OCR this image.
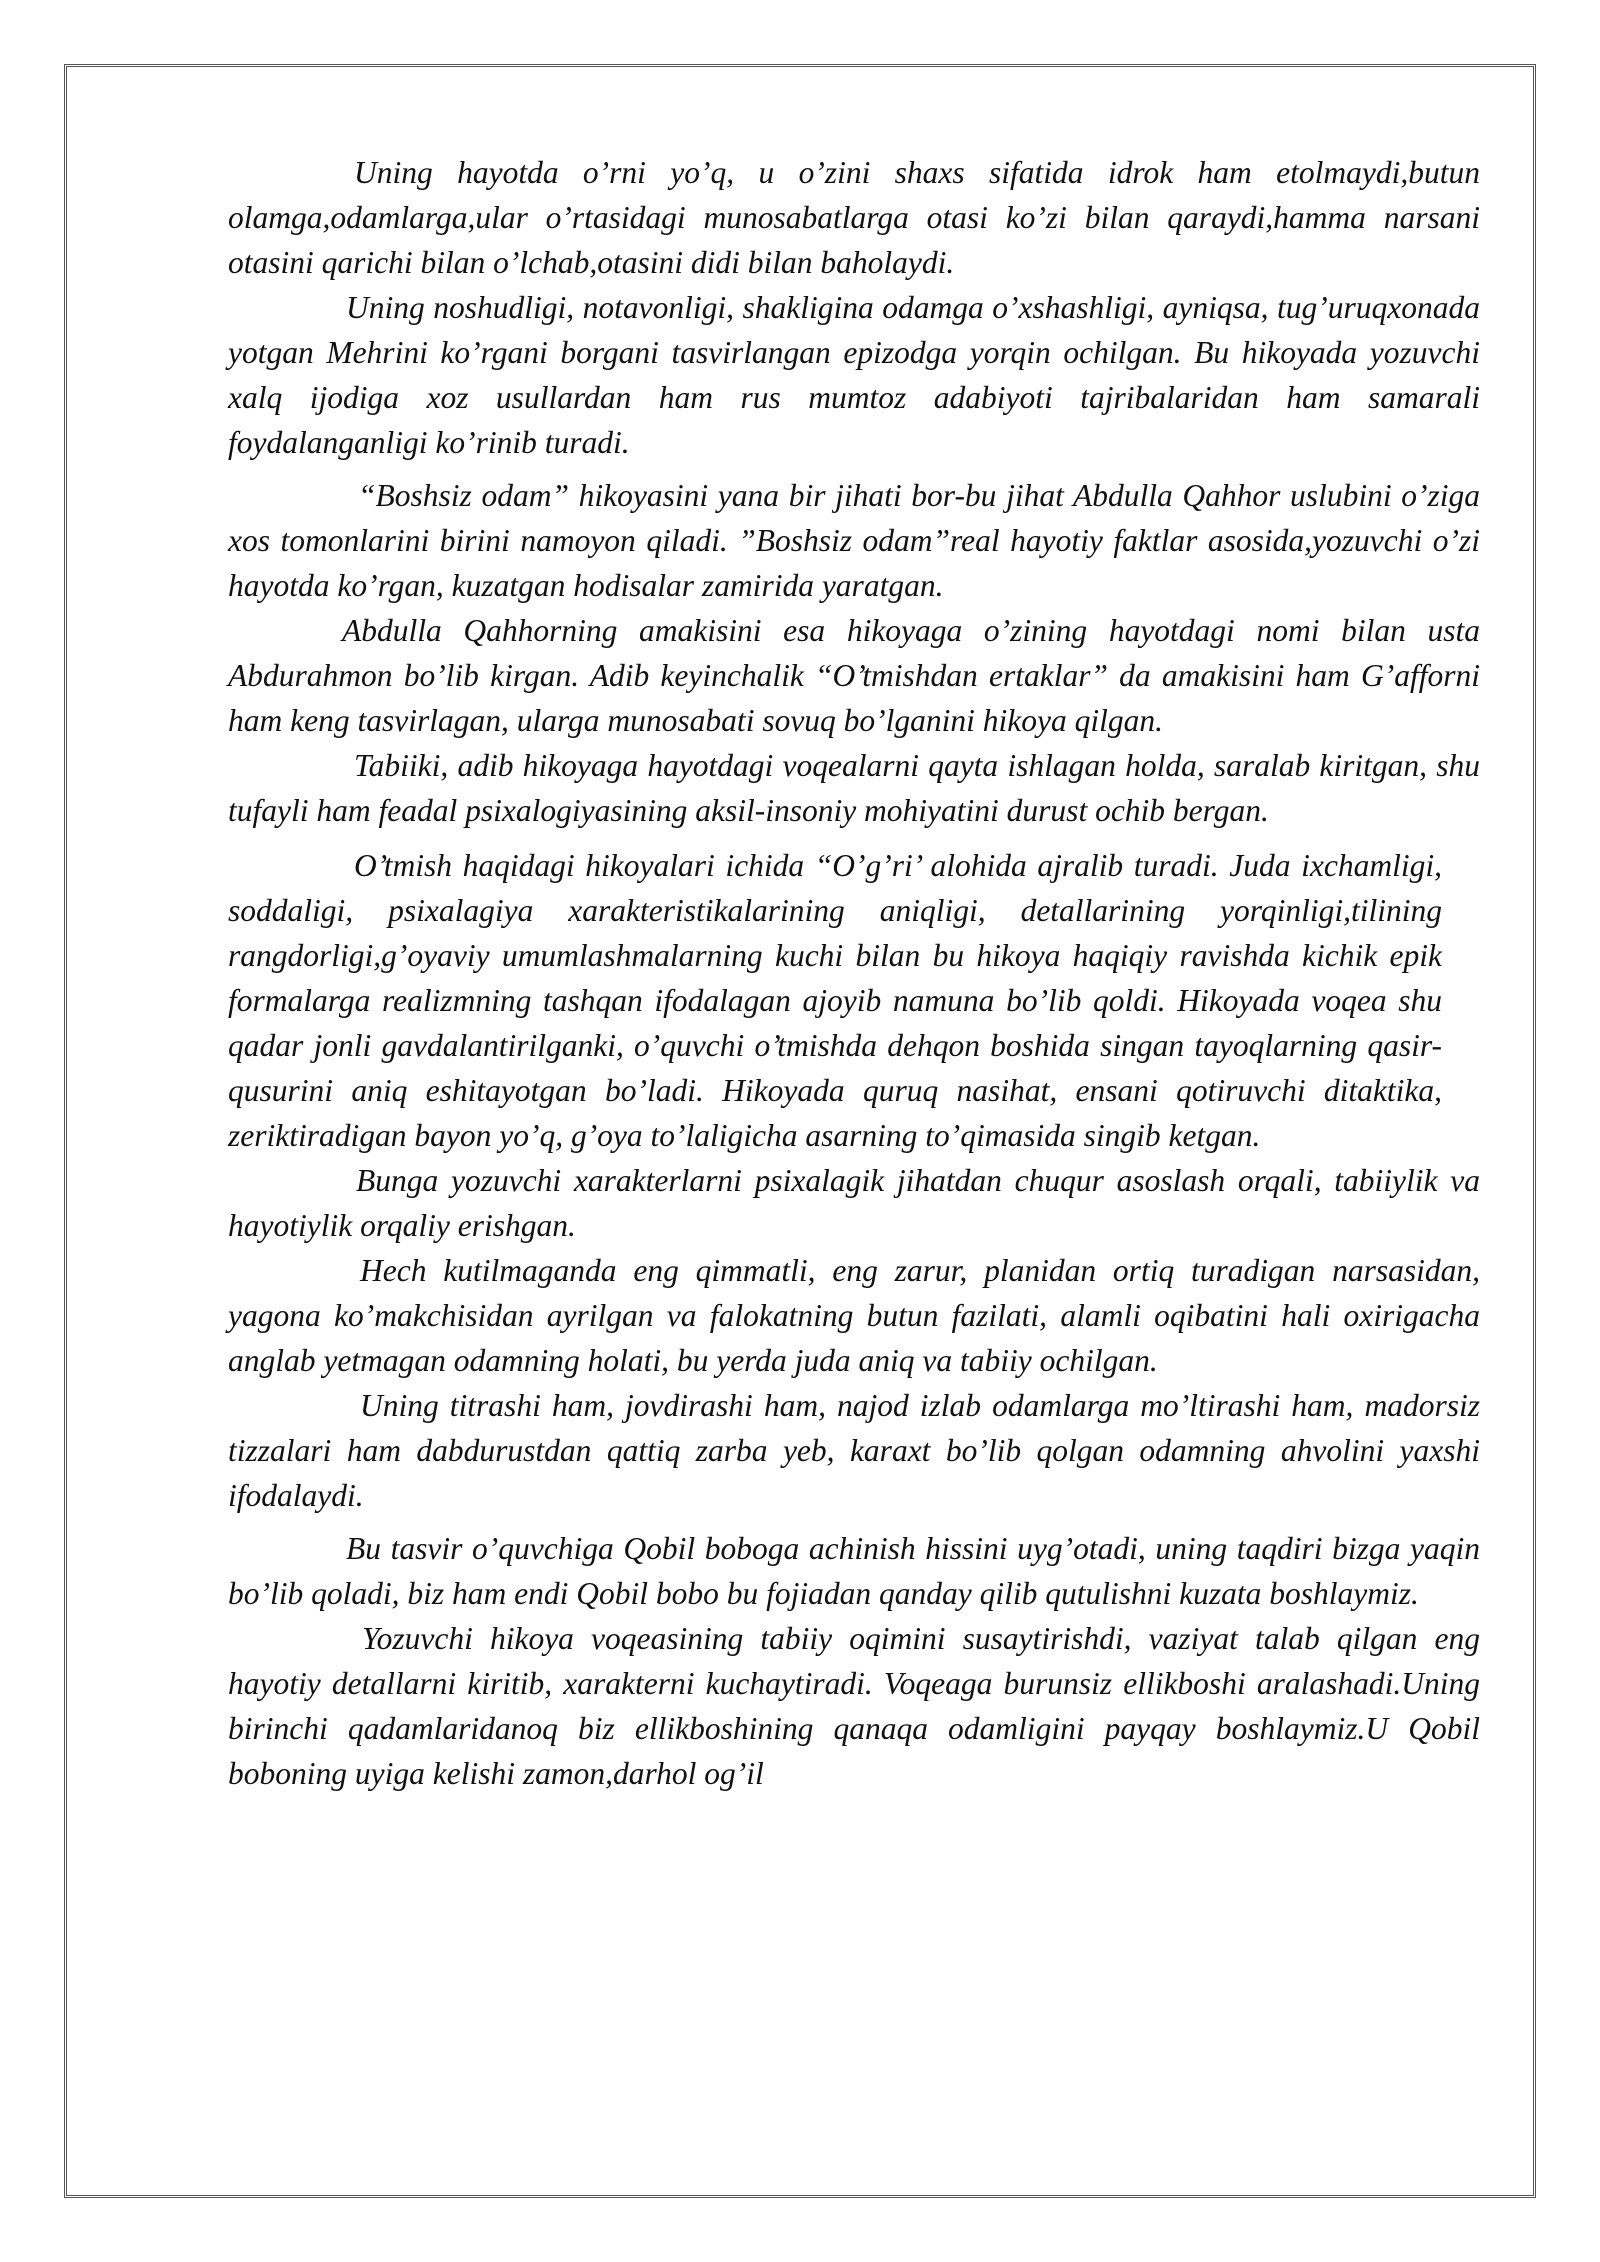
Uning hayotda o’rni yo’q, u o’zini shaxs sifatida idrok ham etolmaydi,butun olamga,odamlarga,ular o’rtasidagi munosabatlarga otasi ko’zi bilan qaraydi,hamma narsani otasini qarichi bilan o’lchab,otasini didi bilan baholaydi.

Uning noshudligi, notavonligi, shakligina odamga o’xshashligi, ayniqsa, tug’uruqxonada yotgan Mehrini ko’rgani borgani tasvirlangan epizodga yorqin ochilgan. Bu hikoyada yozuvchi xalq ijodiga xoz usullardan ham rus mumtoz adabiyoti tajribalaridan ham samarali foydalanganligi ko’rinib turadi.

“Boshsiz odam” hikoyasini yana bir jihati bor-bu jihat Abdulla Qahhor uslubini o’ziga xos tomonlarini birini namoyon qiladi. ”Boshsiz odam”real hayotiy faktlar asosida,yozuvchi o’zi hayotda ko’rgan, kuzatgan hodisalar zamirida yaratgan.

Abdulla Qahhorning amakisini esa hikoyaga o’zining hayotdagi nomi bilan usta Abdurahmon bo’lib kirgan. Adib keyinchalik “O’tmishdan ertaklar” da amakisini ham G’afforni ham keng tasvirlagan, ularga munosabati sovuq bo’lganini hikoya qilgan.

Tabiiki, adib hikoyaga hayotdagi voqealarni qayta ishlagan holda, saralab kiritgan, shu tufayli ham feadal psixalogiyasining aksil-insoniy mohiyatini durust ochib bergan.

O’tmish haqidagi hikoyalari ichida “O’g’ri’ alohida ajralib turadi. Juda ixchamligi, soddaligi, psixalagiya xarakteristikalarining aniqligi, detallarining yorqinligi,tilining rangdorligi,g’oyaviy umumlashmalarning kuchi bilan bu hikoya haqiqiy ravishda kichik epik formalarga realizmning tashqan ifodalagan ajoyib namuna bo’lib qoldi. Hikoyada voqea shu qadar jonli gavdalantirilganki, o’quvchi o’tmishda dehqon boshida singan tayoqlarning qasir-qusurini aniq eshitayotgan bo’ladi. Hikoyada quruq nasihat, ensani qotiruvchi ditaktika, zeriktiradigan bayon yo’q, g’oya to’laligicha asarning to’qimasida singib ketgan.

Bunga yozuvchi xarakterlarni psixalagik jihatdan chuqur asoslash orqali, tabiiylik va hayotiylik orqaliy erishgan.

Hech kutilmaganda eng qimmatli, eng zarur, planidan ortiq turadigan narsasidan, yagona ko’makchisidan ayrilgan va falokatning butun fazilati, alamli oqibatini hali oxirigacha anglab yetmagan odamning holati, bu yerda juda aniq va tabiiy ochilgan.

Uning titrashi ham, jovdirashi ham, najod izlab odamlarga mo’ltirashi ham, madorsiz tizzalari ham dabdurustdan qattiq zarba yeb, karaxt bo’lib qolgan odamning ahvolini yaxshi ifodalaydi.

Bu tasvir o’quvchiga Qobil boboga achinish hissini uyg’otadi, uning taqdiri bizga yaqin bo’lib qoladi, biz ham endi Qobil bobo bu fojiadan qanday qilib qutulishni kuzata boshlaymiz.

Yozuvchi hikoya voqeasining tabiiy oqimini susaytirishdi, vaziyat talab qilgan eng hayotiy detallarni kiritib, xarakterni kuchaytiradi. Voqeaga burunsiz ellikboshi aralashadi.Uning birinchi qadamlaridanoq biz ellikboshining qanaqa odamligini payqay boshlaymiz.U Qobil boboning uyiga kelishi zamon,darhol og’il
